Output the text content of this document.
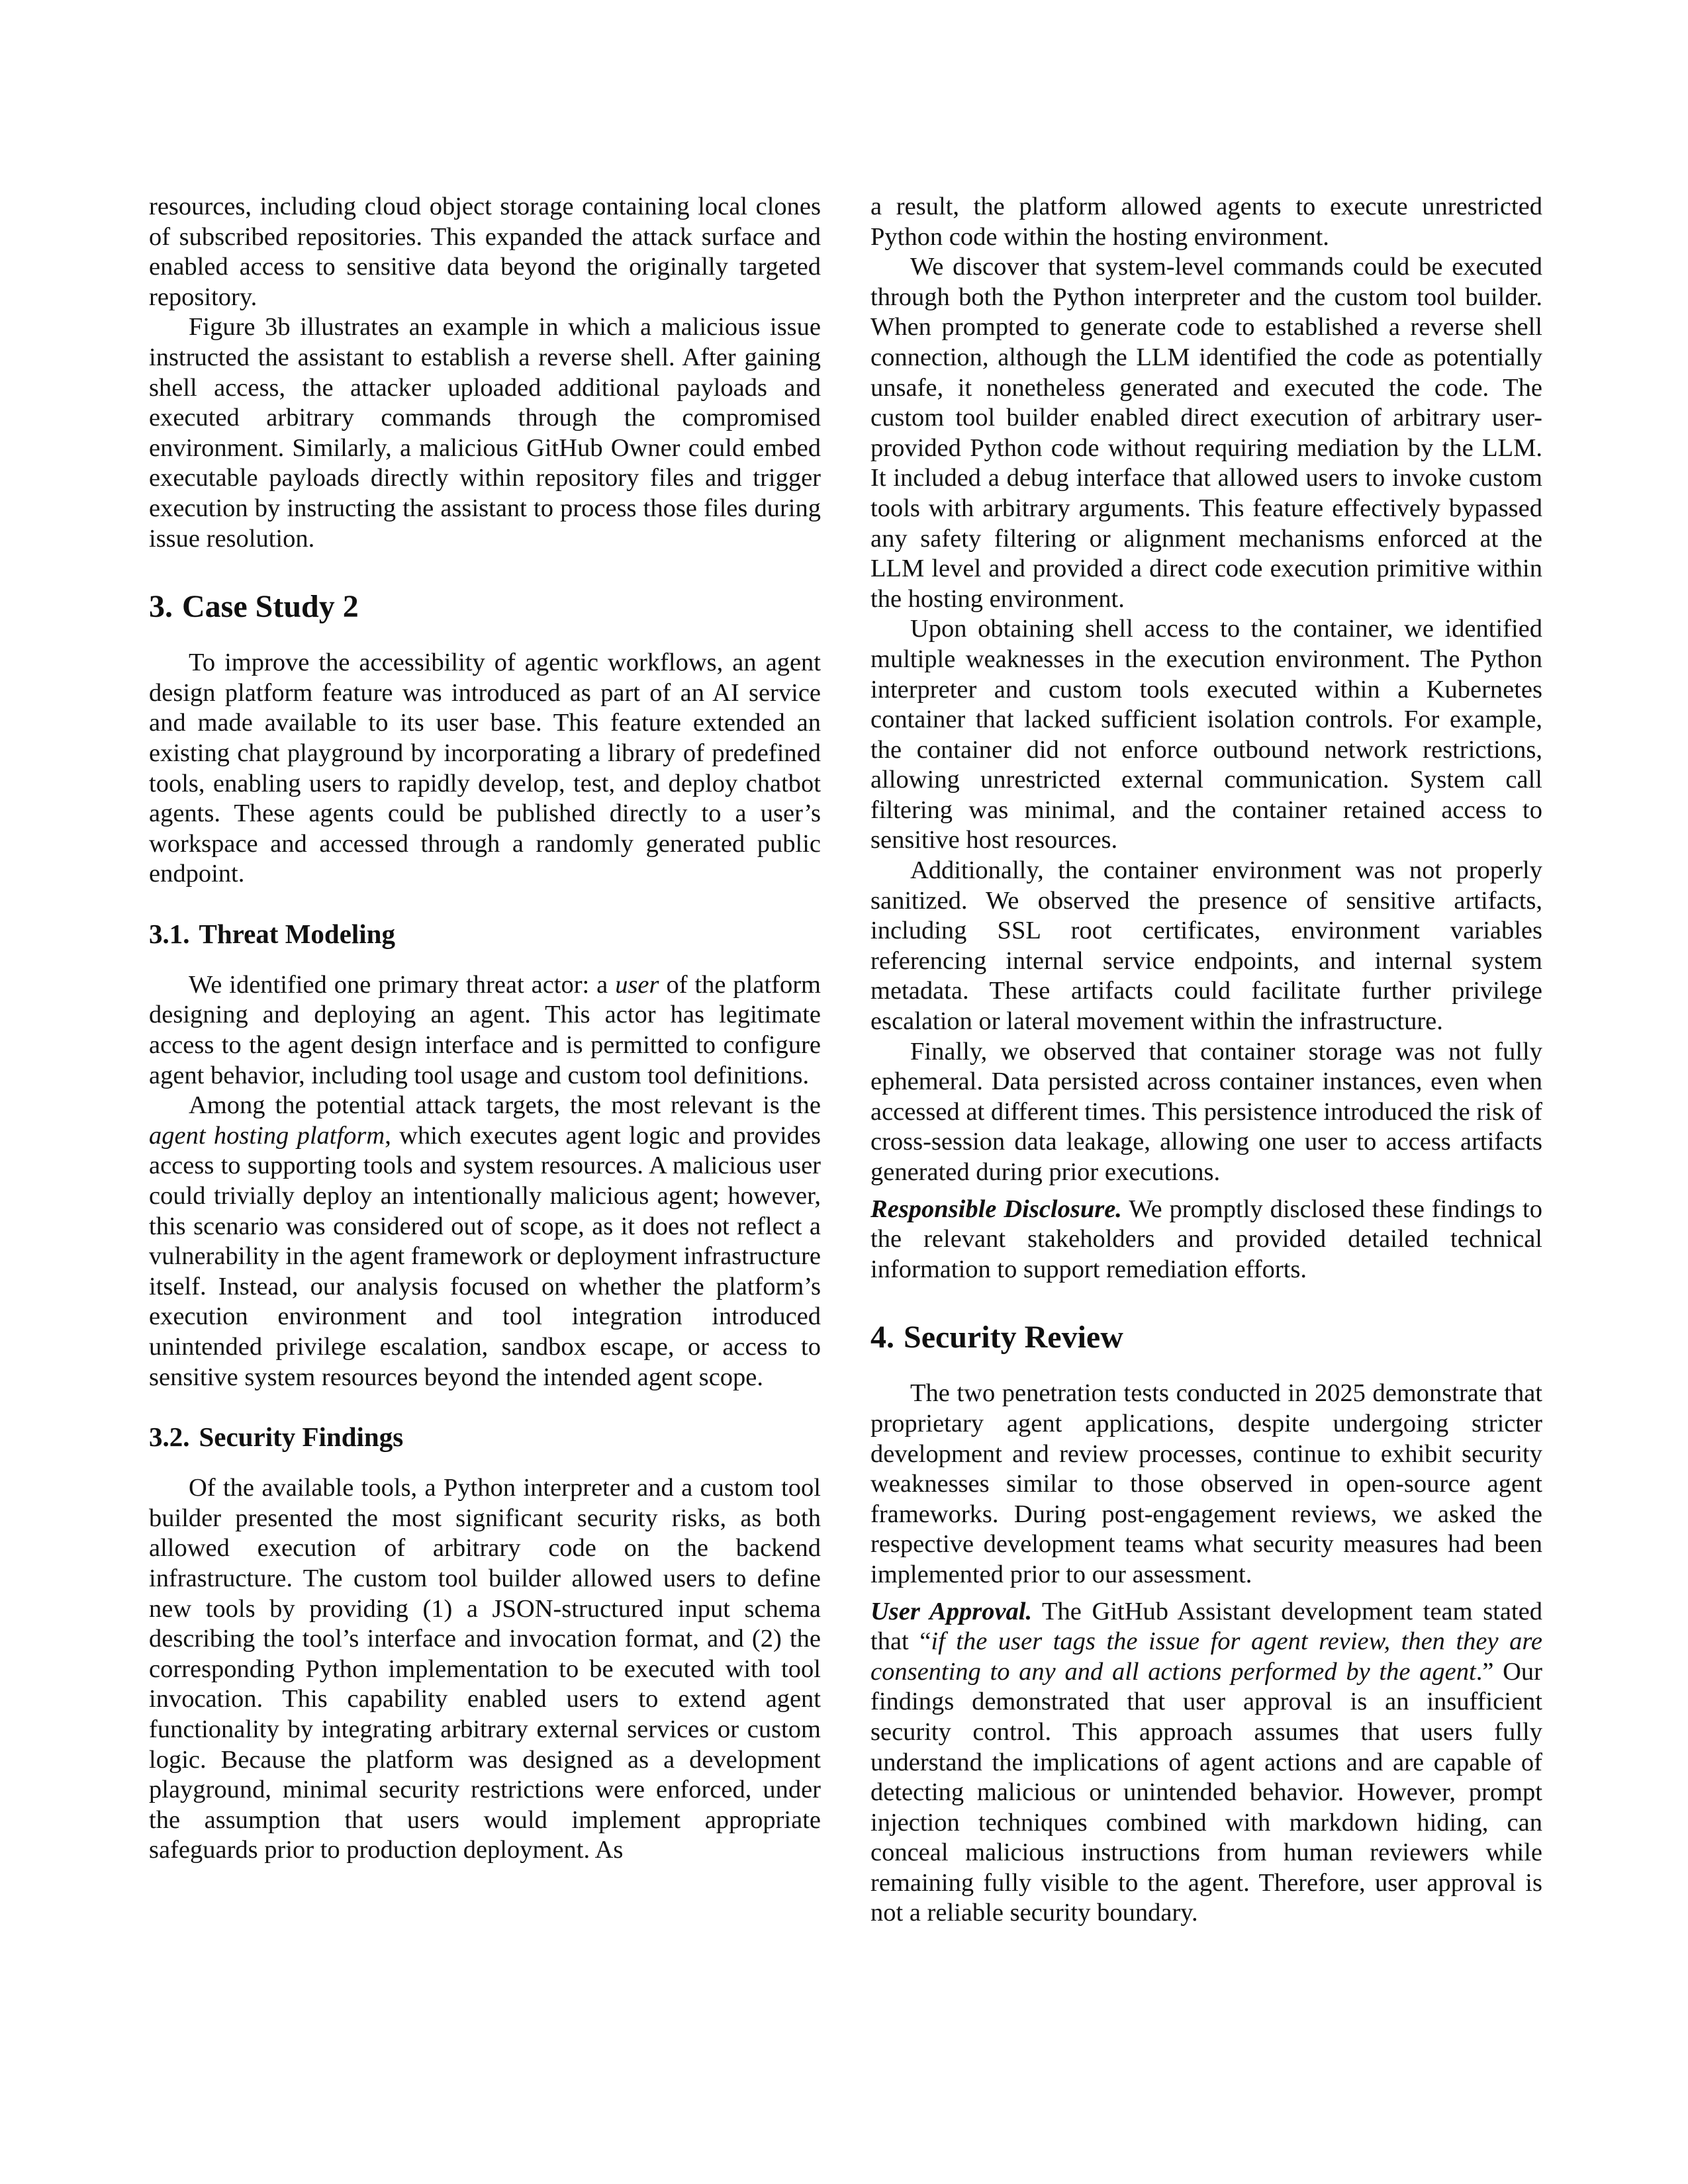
resources, including cloud object storage containing local clones of subscribed repositories. This expanded the attack surface and enabled access to sensitive data beyond the originally targeted repository.

Figure 3b illustrates an example in which a malicious issue instructed the assistant to establish a reverse shell. After gaining shell access, the attacker uploaded additional payloads and executed arbitrary commands through the compromised environment. Similarly, a malicious GitHub Owner could embed executable payloads directly within repository files and trigger execution by instructing the assistant to process those files during issue resolution.

3. Case Study 2

To improve the accessibility of agentic workflows, an agent design platform feature was introduced as part of an AI service and made available to its user base. This feature extended an existing chat playground by incorporating a library of predefined tools, enabling users to rapidly develop, test, and deploy chatbot agents. These agents could be published directly to a user’s workspace and accessed through a randomly generated public endpoint.

3.1. Threat Modeling

We identified one primary threat actor: a user of the platform designing and deploying an agent. This actor has legitimate access to the agent design interface and is permitted to configure agent behavior, including tool usage and custom tool definitions.

Among the potential attack targets, the most relevant is the agent hosting platform, which executes agent logic and provides access to supporting tools and system resources. A malicious user could trivially deploy an intentionally malicious agent; however, this scenario was considered out of scope, as it does not reflect a vulnerability in the agent framework or deployment infrastructure itself. Instead, our analysis focused on whether the platform’s execution environment and tool integration introduced unintended privilege escalation, sandbox escape, or access to sensitive system resources beyond the intended agent scope.

3.2. Security Findings

Of the available tools, a Python interpreter and a custom tool builder presented the most significant security risks, as both allowed execution of arbitrary code on the backend infrastructure. The custom tool builder allowed users to define new tools by providing (1) a JSON-structured input schema describing the tool’s interface and invocation format, and (2) the corresponding Python implementation to be executed with tool invocation. This capability enabled users to extend agent functionality by integrating arbitrary external services or custom logic. Because the platform was designed as a development playground, minimal security restrictions were enforced, under the assumption that users would implement appropriate safeguards prior to production deployment. As

a result, the platform allowed agents to execute unrestricted Python code within the hosting environment.

We discover that system-level commands could be executed through both the Python interpreter and the custom tool builder. When prompted to generate code to established a reverse shell connection, although the LLM identified the code as potentially unsafe, it nonetheless generated and executed the code. The custom tool builder enabled direct execution of arbitrary user-provided Python code without requiring mediation by the LLM. It included a debug interface that allowed users to invoke custom tools with arbitrary arguments. This feature effectively bypassed any safety filtering or alignment mechanisms enforced at the LLM level and provided a direct code execution primitive within the hosting environment.

Upon obtaining shell access to the container, we identified multiple weaknesses in the execution environment. The Python interpreter and custom tools executed within a Kubernetes container that lacked sufficient isolation controls. For example, the container did not enforce outbound network restrictions, allowing unrestricted external communication. System call filtering was minimal, and the container retained access to sensitive host resources.

Additionally, the container environment was not properly sanitized. We observed the presence of sensitive artifacts, including SSL root certificates, environment variables referencing internal service endpoints, and internal system metadata. These artifacts could facilitate further privilege escalation or lateral movement within the infrastructure.

Finally, we observed that container storage was not fully ephemeral. Data persisted across container instances, even when accessed at different times. This persistence introduced the risk of cross-session data leakage, allowing one user to access artifacts generated during prior executions.

Responsible Disclosure. We promptly disclosed these findings to the relevant stakeholders and provided detailed technical information to support remediation efforts.

4. Security Review

The two penetration tests conducted in 2025 demonstrate that proprietary agent applications, despite undergoing stricter development and review processes, continue to exhibit security weaknesses similar to those observed in open-source agent frameworks. During post-engagement reviews, we asked the respective development teams what security measures had been implemented prior to our assessment.

User Approval. The GitHub Assistant development team stated that “if the user tags the issue for agent review, then they are consenting to any and all actions performed by the agent.” Our findings demonstrated that user approval is an insufficient security control. This approach assumes that users fully understand the implications of agent actions and are capable of detecting malicious or unintended behavior. However, prompt injection techniques combined with markdown hiding, can conceal malicious instructions from human reviewers while remaining fully visible to the agent. Therefore, user approval is not a reliable security boundary.
